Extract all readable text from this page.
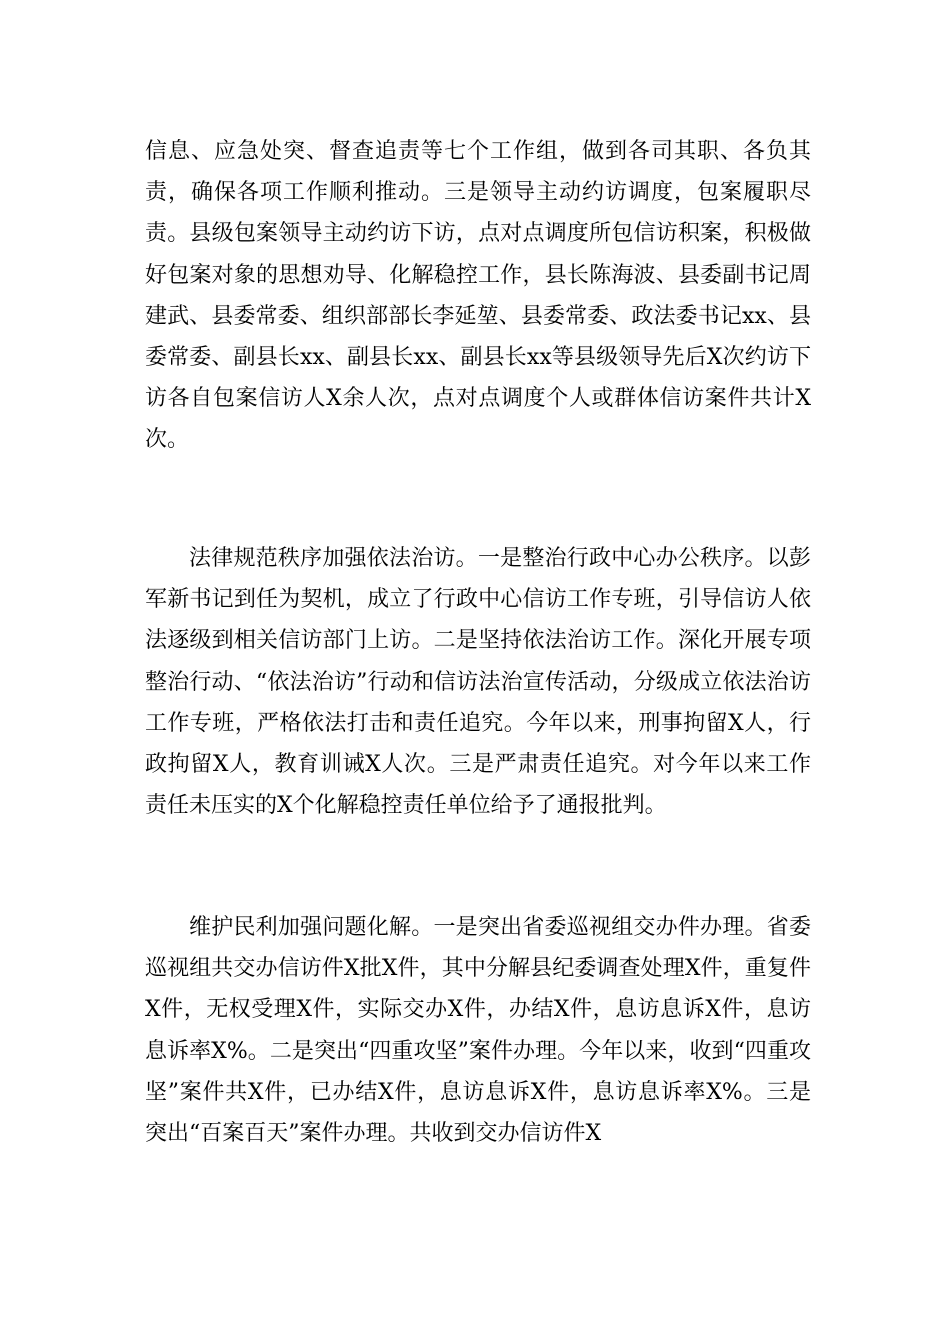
信息、应急处突、督查追责等七个工作组，做到各司其职、各负其责，确保各项工作顺利推动。三是领导主动约访调度，包案履职尽责。县级包案领导主动约访下访，点对点调度所包信访积案，积极做好包案对象的思想劝导、化解稳控工作，县长陈海波、县委副书记周建武、县委常委、组织部部长李延堃、县委常委、政法委书记xx、县委常委、副县长xx、副县长xx、副县长xx等县级领导先后X次约访下访各自包案信访人X余人次，点对点调度个人或群体信访案件共计X次。

法律规范秩序加强依法治访。一是整治行政中心办公秩序。以彭军新书记到任为契机，成立了行政中心信访工作专班，引导信访人依法逐级到相关信访部门上访。二是坚持依法治访工作。深化开展专项整治行动、“依法治访”行动和信访法治宣传活动，分级成立依法治访工作专班，严格依法打击和责任追究。今年以来，刑事拘留X人，行政拘留X人，教育训诫X人次。三是严肃责任追究。对今年以来工作责任未压实的X个化解稳控责任单位给予了通报批判。

维护民利加强问题化解。一是突出省委巡视组交办件办理。省委巡视组共交办信访件X批X件，其中分解县纪委调查处理X件，重复件X件，无权受理X件，实际交办X件，办结X件，息访息诉X件，息访息诉率X%。二是突出“四重攻坚”案件办理。今年以来，收到“四重攻坚”案件共X件，已办结X件，息访息诉X件，息访息诉率X%。三是突出“百案百天”案件办理。共收到交办信访件X
